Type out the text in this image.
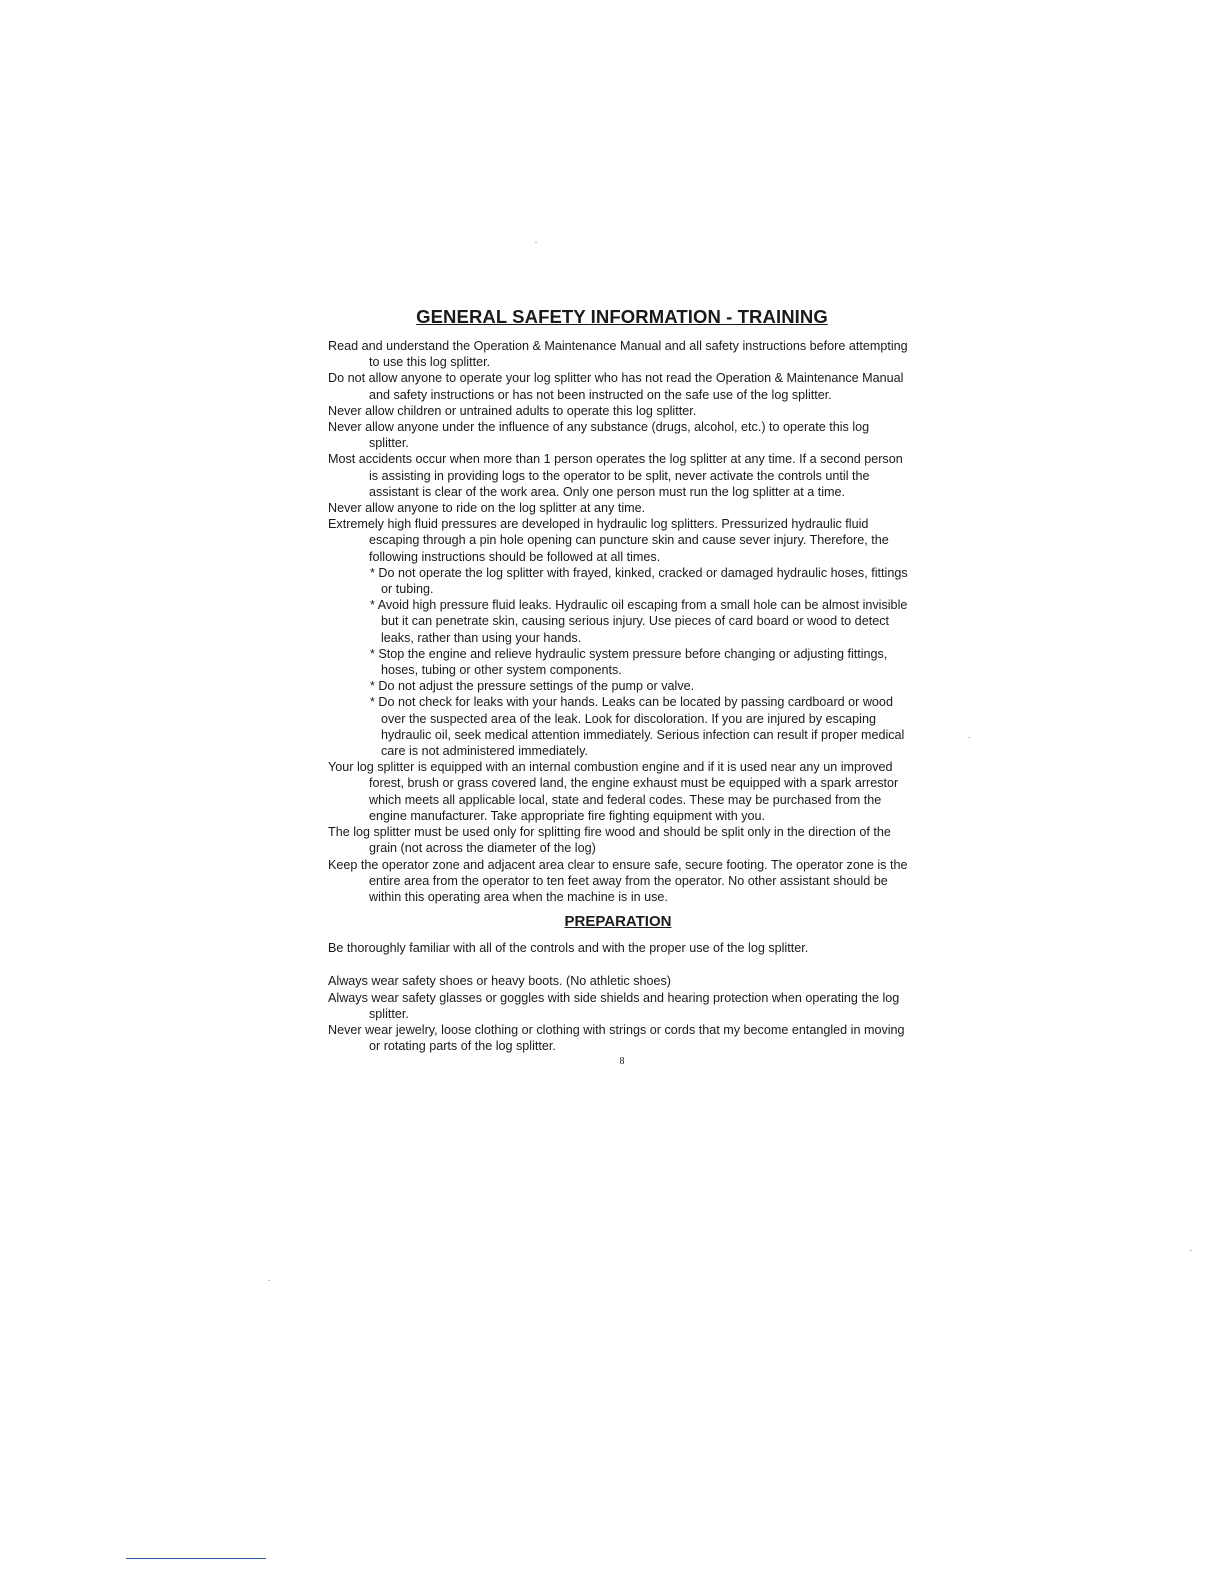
GENERAL SAFETY INFORMATION - TRAINING

Read and understand the Operation & Maintenance Manual and all safety instructions before attempting to use this log splitter.

Do not allow anyone to operate your log splitter who has not read the Operation & Maintenance Manual and safety instructions or has not been instructed on the safe use of the log splitter.

Never allow children or untrained adults to operate this log splitter.

Never allow anyone under the influence of any substance (drugs, alcohol, etc.) to operate this log splitter.

Most accidents occur when more than 1 person operates the log splitter at any time. If a second person is assisting in providing logs to the operator to be split, never activate the controls until the assistant is clear of the work area. Only one person must run the log splitter at a time.

Never allow anyone to ride on the log splitter at any time.

Extremely high fluid pressures are developed in hydraulic log splitters. Pressurized hydraulic fluid escaping through a pin hole opening can puncture skin and cause sever injury. Therefore, the following instructions should be followed at all times.

* Do not operate the log splitter with frayed, kinked, cracked or damaged hydraulic hoses, fittings or tubing.

* Avoid high pressure fluid leaks. Hydraulic oil escaping from a small hole can be almost invisible but it can penetrate skin, causing serious injury. Use pieces of card board or wood to detect leaks, rather than using your hands.

* Stop the engine and relieve hydraulic system pressure before changing or adjusting fittings, hoses, tubing or other system components.

* Do not adjust the pressure settings of the pump or valve.

* Do not check for leaks with your hands. Leaks can be located by passing cardboard or wood over the suspected area of the leak. Look for discoloration. If you are injured by escaping hydraulic oil, seek medical attention immediately. Serious infection can result if proper medical care is not administered immediately.

Your log splitter is equipped with an internal combustion engine and if it is used near any un improved forest, brush or grass covered land, the engine exhaust must be equipped with a spark arrestor which meets all applicable local, state and federal codes. These may be purchased from the engine manufacturer. Take appropriate fire fighting equipment with you.

The log splitter must be used only for splitting fire wood and should be split only in the direction of the grain (not across the diameter of the log)

Keep the operator zone and adjacent area clear to ensure safe, secure footing. The operator zone is the entire area from the operator to ten feet away from the operator. No other assistant should be within this operating area when the machine is in use.

PREPARATION

Be thoroughly familiar with all of the controls and with the proper use of the log splitter.

Always wear safety shoes or heavy boots. (No athletic shoes)

Always wear safety glasses or goggles with side shields and hearing protection when operating the log splitter.

Never wear jewelry, loose clothing or clothing with strings or cords that my become entangled in moving or rotating parts of the log splitter.

8
